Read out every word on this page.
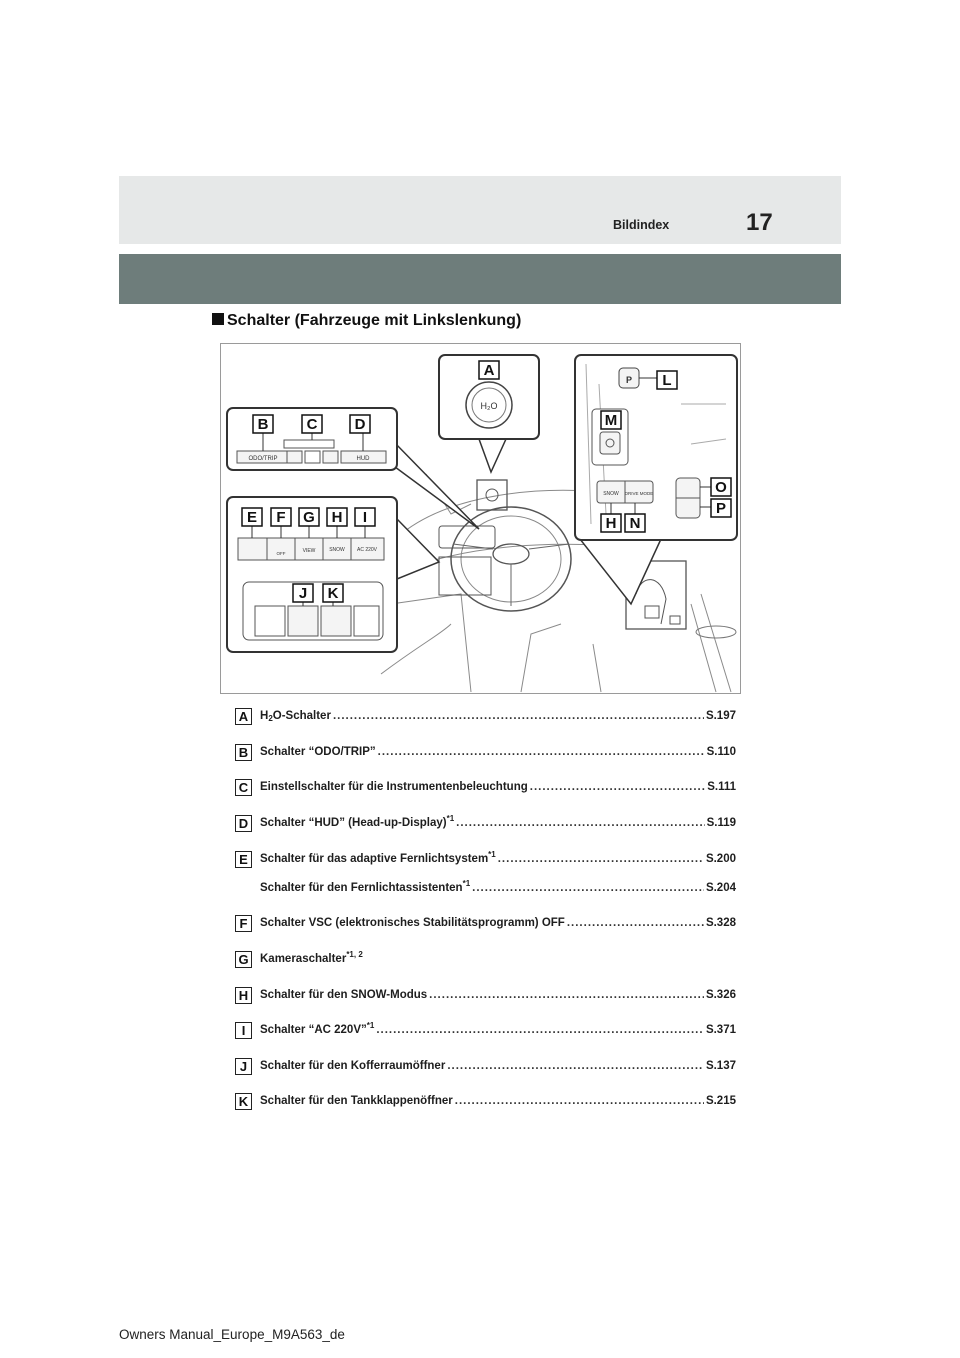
Bildindex	17
Schalter (Fahrzeuge mit Linkslenkung)
H₂O
A
ODO/TRIP	HUD
B	C D
VIEW
OFF
SNOW AC 220V
E F G H I
J K
P L
M
SNOW DRIVE MODE
H N
O
P
A	$H_2O$-Schalter .....	S.197
B	Schalter “ODO/TRIP” .....	S.110
C	Einstellschalter für die Instrumentenbeleuchtung .....	S.111
D	Schalter “HUD” (Head-up-Display)$^{*1}$ .....	S.119
E	Schalter für das adaptive Fernlichtsystem$^{*1}$ .....	S.200
Schalter für den Fernlichtassistenten$^{*1}$ .....	S.204
F	Schalter VSC (elektronisches Stabilitätsprogramm) OFF .....	S.328
G Kameraschalter$^{*1, 2}$
H	Schalter für den SNOW-Modus .....	S.326
I	Schalter “AC 220V”$^{*1}$ .....	S.371
J	Schalter für den Kofferraumöffner .....	S.137
K	Schalter für den Tankklappenöffner .....	S.215
Owners Manual_Europe_M9A563_de
